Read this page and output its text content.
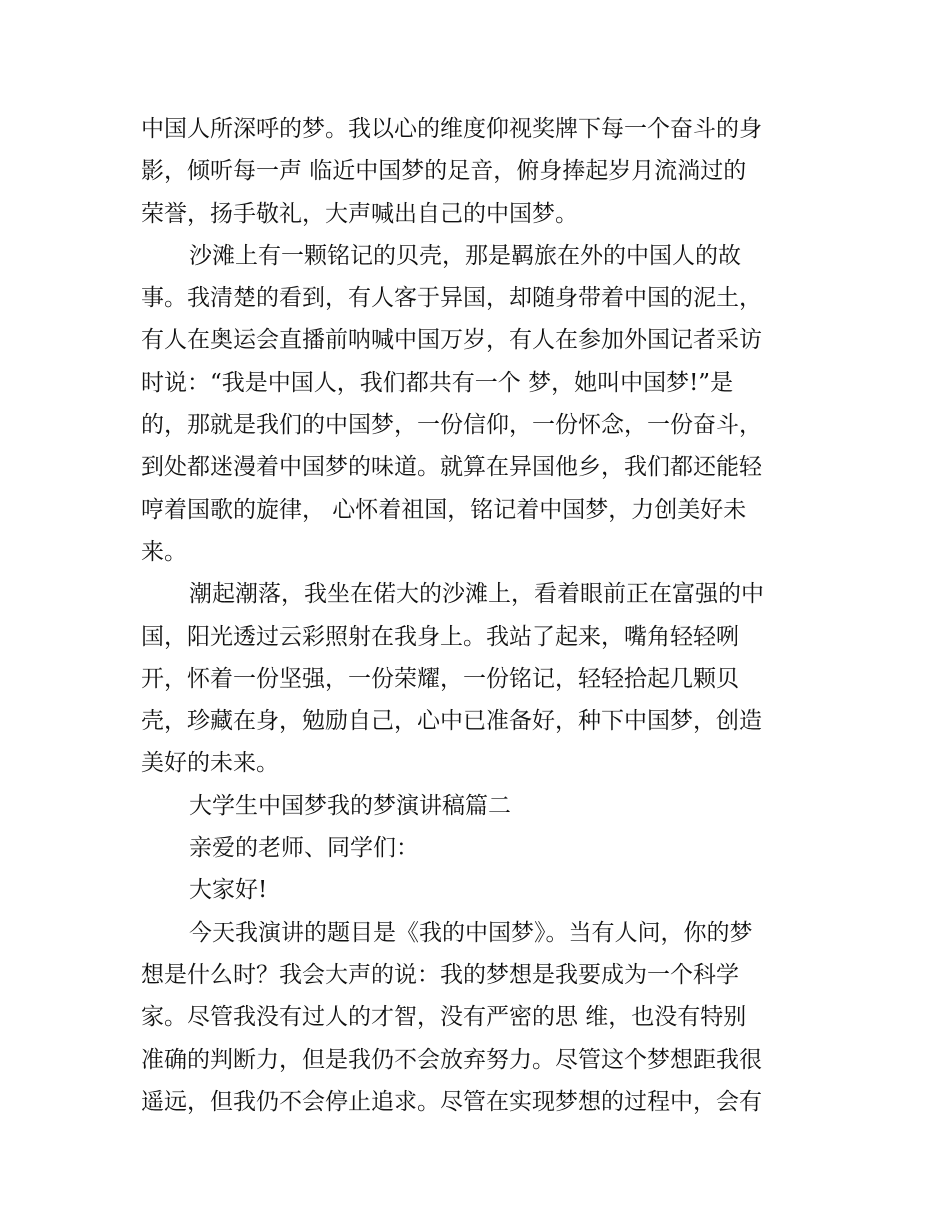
中国人所深呼的梦。我以心的维度仰视奖牌下每一个奋斗的身
影，倾听每一声 临近中国梦的足音，俯身捧起岁月流淌过的
荣誉，扬手敬礼，大声喊出自己的中国梦。
沙滩上有一颗铭记的贝壳，那是羁旅在外的中国人的故
事。我清楚的看到，有人客于异国，却随身带着中国的泥土，
有人在奥运会直播前呐喊中国万岁，有人在参加外国记者采访
时说：“我是中国人，我们都共有一个 梦，她叫中国梦!”是
的，那就是我们的中国梦，一份信仰，一份怀念，一份奋斗，
到处都迷漫着中国梦的味道。就算在异国他乡，我们都还能轻
哼着国歌的旋律， 心怀着祖国，铭记着中国梦，力创美好未
来。
潮起潮落，我坐在偌大的沙滩上，看着眼前正在富强的中
国，阳光透过云彩照射在我身上。我站了起来，嘴角轻轻咧
开，怀着一份坚强，一份荣耀，一份铭记，轻轻拾起几颗贝
壳，珍藏在身，勉励自己，心中已准备好，种下中国梦，创造
美好的未来。
大学生中国梦我的梦演讲稿篇二
亲爱的老师、同学们：
大家好!
今天我演讲的题目是《我的中国梦》。当有人问，你的梦
想是什么时？我会大声的说：我的梦想是我要成为一个科学
家。尽管我没有过人的才智，没有严密的思 维，也没有特别
准确的判断力，但是我仍不会放弃努力。尽管这个梦想距我很
遥远，但我仍不会停止追求。尽管在实现梦想的过程中，会有
